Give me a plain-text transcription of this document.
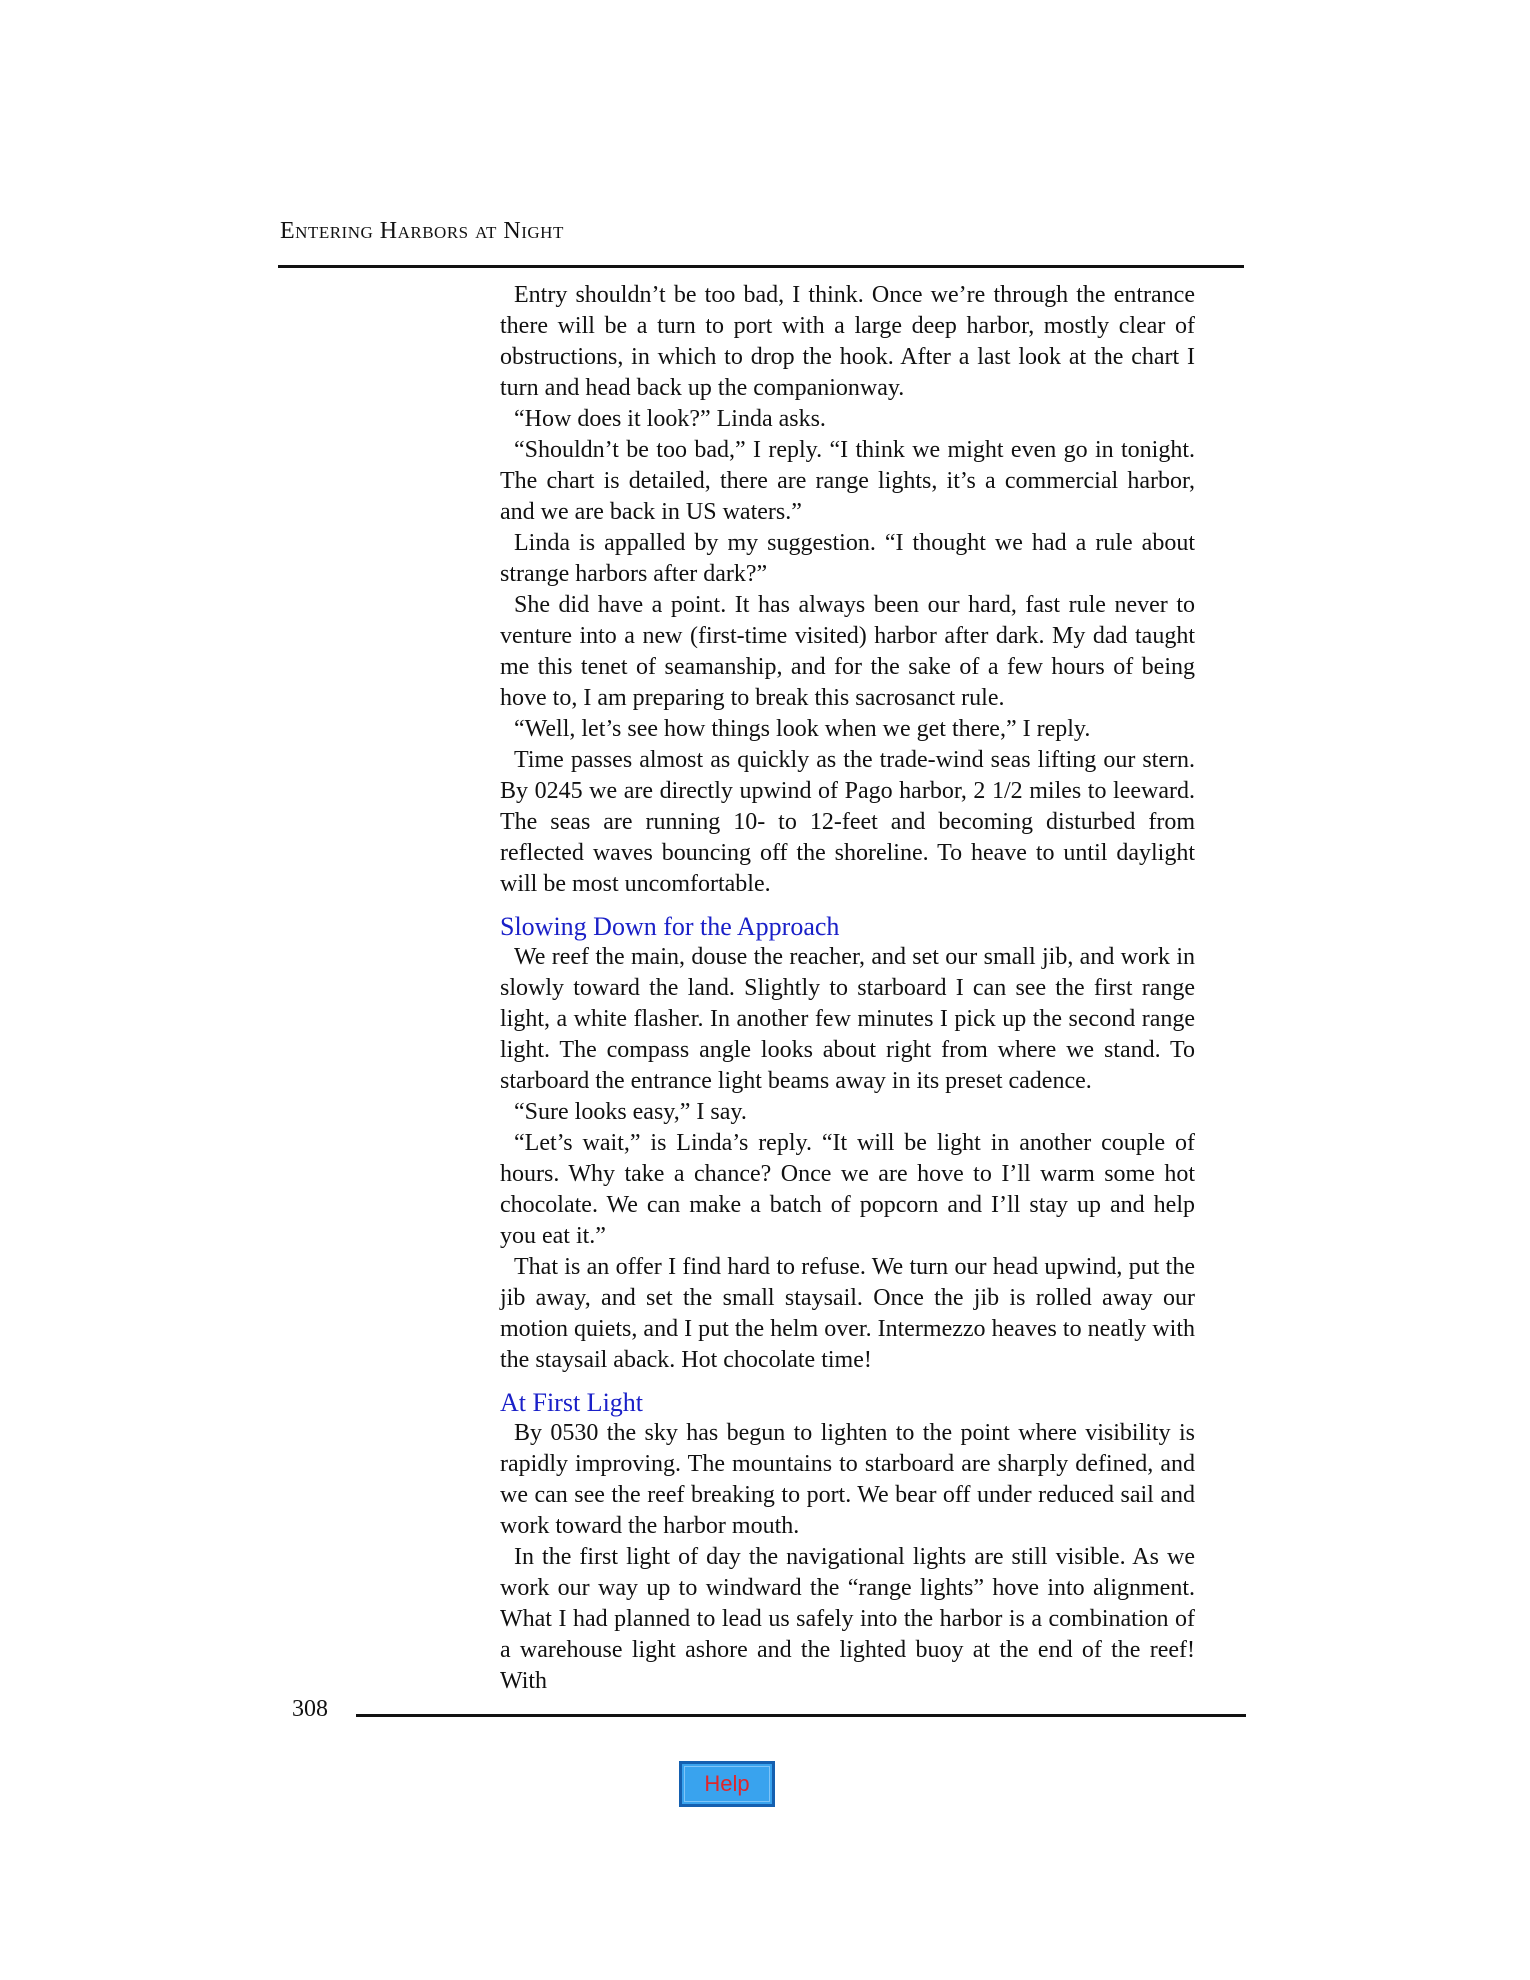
Entering Harbors at Night

Entry shouldn’t be too bad, I think. Once we’re through the entrance there will be a turn to port with a large deep harbor, mostly clear of obstructions, in which to drop the hook. After a last look at the chart I turn and head back up the companionway.

“How does it look?” Linda asks.

“Shouldn’t be too bad,” I reply. “I think we might even go in tonight. The chart is detailed, there are range lights, it’s a commercial harbor, and we are back in US waters.”

Linda is appalled by my suggestion. “I thought we had a rule about strange harbors after dark?”

She did have a point. It has always been our hard, fast rule never to venture into a new (first-time visited) harbor after dark. My dad taught me this tenet of seamanship, and for the sake of a few hours of being hove to, I am preparing to break this sacrosanct rule.

“Well, let’s see how things look when we get there,” I reply.

Time passes almost as quickly as the trade-wind seas lifting our stern. By 0245 we are directly upwind of Pago harbor, 2 1/2 miles to leeward. The seas are running 10- to 12-feet and becoming disturbed from reflected waves bouncing off the shoreline. To heave to until daylight will be most uncomfortable.

Slowing Down for the Approach

We reef the main, douse the reacher, and set our small jib, and work in slowly toward the land. Slightly to starboard I can see the first range light, a white flasher. In another few minutes I pick up the second range light. The compass angle looks about right from where we stand. To starboard the entrance light beams away in its preset cadence.

“Sure looks easy,” I say.

“Let’s wait,” is Linda’s reply. “It will be light in another couple of hours. Why take a chance? Once we are hove to I’ll warm some hot chocolate. We can make a batch of popcorn and I’ll stay up and help you eat it.”

That is an offer I find hard to refuse. We turn our head upwind, put the jib away, and set the small staysail. Once the jib is rolled away our motion quiets, and I put the helm over. Intermezzo heaves to neatly with the staysail aback. Hot chocolate time!

At First Light

By 0530 the sky has begun to lighten to the point where visibility is rapidly improving. The mountains to starboard are sharply defined, and we can see the reef breaking to port. We bear off under reduced sail and work toward the harbor mouth.

In the first light of day the navigational lights are still visible. As we work our way up to windward the “range lights” hove into alignment. What I had planned to lead us safely into the harbor is a combination of a warehouse light ashore and the lighted buoy at the end of the reef! With

308
Help
